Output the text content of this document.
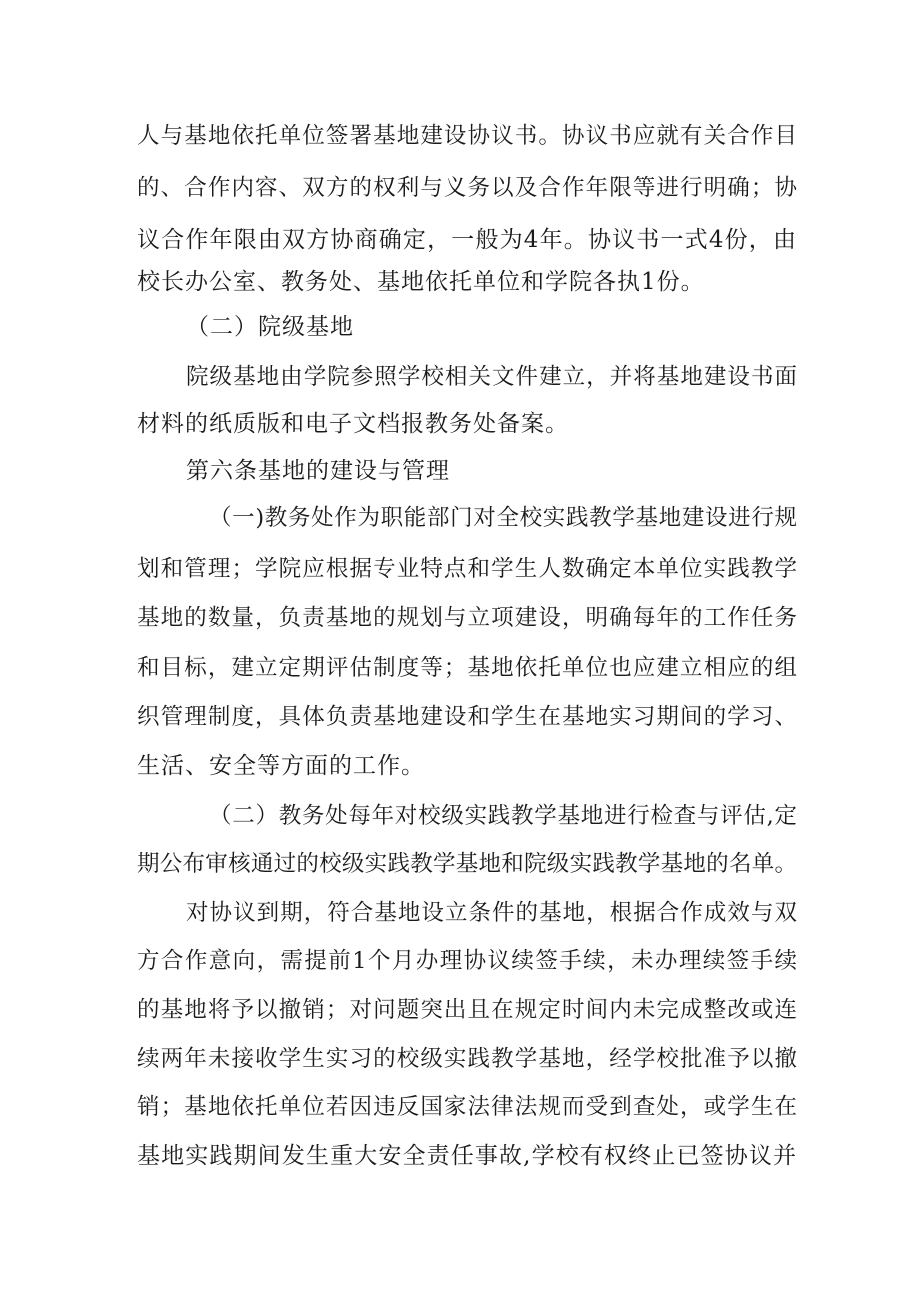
人与基地依托单位签署基地建设协议书。协议书应就有关合作目
的、合作内容、双方的权利与义务以及合作年限等进行明确；协
议合作年限由双方协商确定，一般为4年。协议书一式4份，由
校长办公室、教务处、基地依托单位和学院各执1份。
（二）院级基地
院级基地由学院参照学校相关文件建立，并将基地建设书面
材料的纸质版和电子文档报教务处备案。
第六条基地的建设与管理
（一)教务处作为职能部门对全校实践教学基地建设进行规
划和管理；学院应根据专业特点和学生人数确定本单位实践教学
基地的数量，负责基地的规划与立项建设，明确每年的工作任务
和目标，建立定期评估制度等；基地依托单位也应建立相应的组
织管理制度，具体负责基地建设和学生在基地实习期间的学习、
生活、安全等方面的工作。
（二）教务处每年对校级实践教学基地进行检查与评估,定
期公布审核通过的校级实践教学基地和院级实践教学基地的名单。
对协议到期，符合基地设立条件的基地，根据合作成效与双
方合作意向，需提前1个月办理协议续签手续，未办理续签手续
的基地将予以撤销；对问题突出且在规定时间内未完成整改或连
续两年未接收学生实习的校级实践教学基地，经学校批准予以撤
销；基地依托单位若因违反国家法律法规而受到查处，或学生在
基地实践期间发生重大安全责任事故,学校有权终止已签协议并
